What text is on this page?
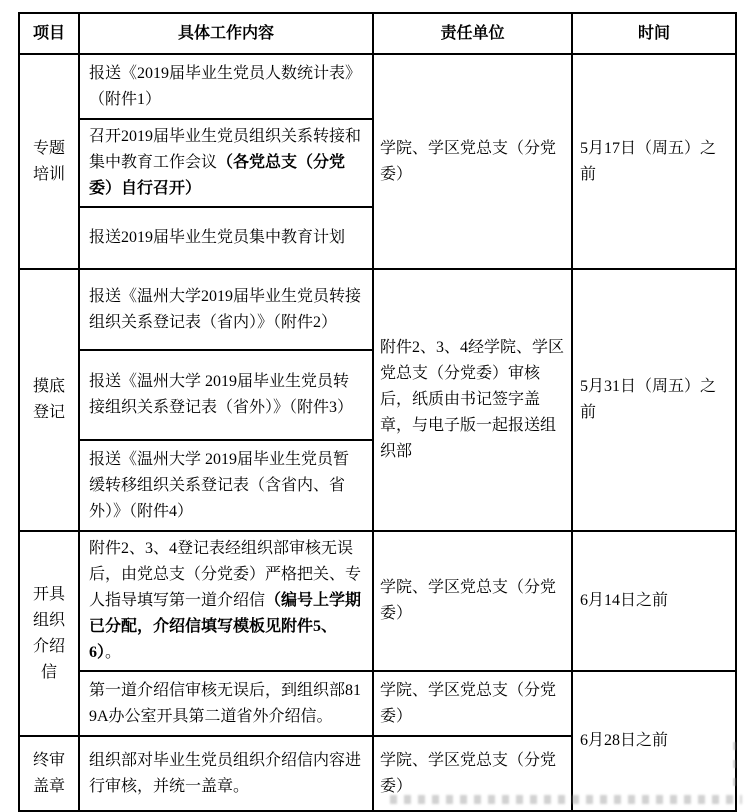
项目	具体工作内容	责任单位	时间
专题培训	报送《2019届毕业生党员人数统计表》（附件1）	学院、学区党总支（分党委）	5月17日（周五）之前
	召开2019届毕业生党员组织关系转接和集中教育工作会议（各党总支（分党委）自行召开）		
	报送2019届毕业生党员集中教育计划		
摸底登记	报送《温州大学2019届毕业生党员转接组织关系登记表（省内）》（附件2）	附件2、3、4经学院、学区党总支（分党委）审核后，纸质由书记签字盖章，与电子版一起报送组织部	5月31日（周五）之前
	报送《温州大学 2019届毕业生党员转接组织关系登记表（省外）》（附件3）		
	报送《温州大学 2019届毕业生党员暂缓转移组织关系登记表（含省内、省外）》（附件4）		
开具组织介绍信	附件2、3、4登记表经组织部审核无误后，由党总支（分党委）严格把关、专人指导填写第一道介绍信（编号上学期已分配，介绍信填写模板见附件5、6）。	学院、学区党总支（分党委）	6月14日之前
	第一道介绍信审核无误后，到组织部819A办公室开具第二道省外介绍信。	学院、学区党总支（分党委）	6月28日之前
终审盖章	组织部对毕业生党员组织介绍信内容进行审核，并统一盖章。	学院、学区党总支（分党委）	
